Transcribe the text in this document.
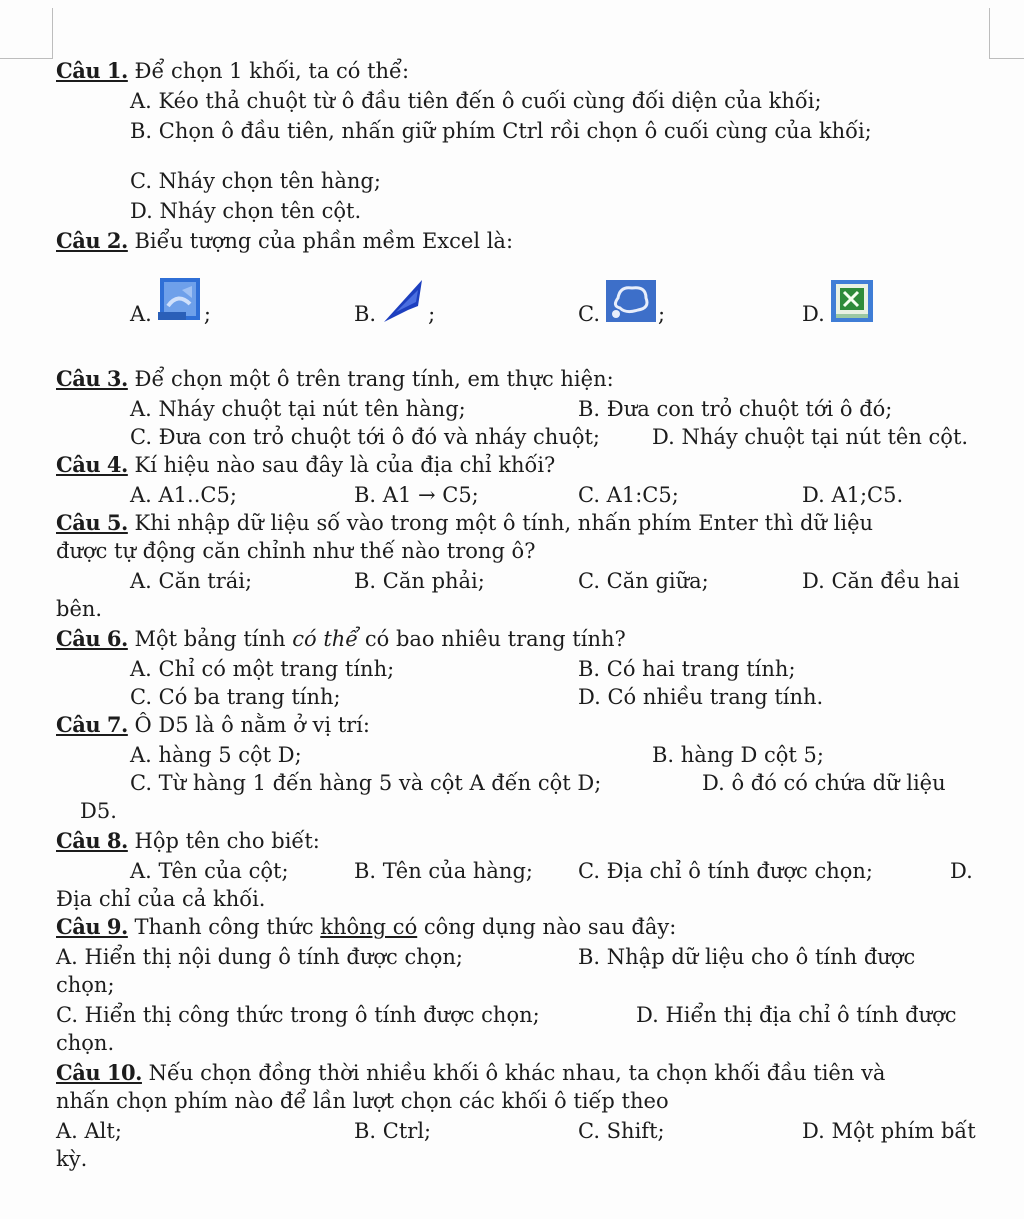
Câu 1. Để chọn 1 khối, ta có thể:
A. Kéo thả chuột từ ô đầu tiên đến ô cuối cùng đối diện của khối;
B. Chọn ô đầu tiên, nhấn giữ phím Ctrl rồi chọn ô cuối cùng của khối;
C. Nháy chọn tên hàng;
D. Nháy chọn tên cột.
Câu 2. Biểu tượng của phần mềm Excel là:
A. ;	B. ;	C.	;	D.
Câu 3. Để chọn một ô trên trang tính, em thực hiện:
A. Nháy chuột tại nút tên hàng;	B. Đưa con trỏ chuột tới ô đó;
C. Đưa con trỏ chuột tới ô đó và nháy chuột; D. Nháy chuột tại nút tên cột.
Câu 4. Kí hiệu nào sau đây là của địa chỉ khối?
A. A1..C5;	B. A1 → C5;	C. A1:C5;	D. A1;C5.
Câu 5. Khi nhập dữ liệu số vào trong một ô tính, nhấn phím Enter thì dữ liệu
được tự động căn chỉnh như thế nào trong ô?
A. Căn trái;	B. Căn phải;	C. Căn giữa;	D. Căn đều hai
bên.
Câu 6. Một bảng tính có thể có bao nhiêu trang tính?
A. Chỉ có một trang tính;	B. Có hai trang tính;
C. Có ba trang tính;	D. Có nhiều trang tính.
Câu 7. Ô D5 là ô nằm ở vị trí:
A. hàng 5 cột D;	B. hàng D cột 5;
C. Từ hàng 1 đến hàng 5 và cột A đến cột D;	D. ô đó có chứa dữ liệu
D5.
Câu 8. Hộp tên cho biết:
A. Tên của cột;	B. Tên của hàng; C. Địa chỉ ô tính được chọn;	D.
Địa chỉ của cả khối.
Câu 9. Thanh công thức không có công dụng nào sau đây:
A. Hiển thị nội dung ô tính được chọn;	B. Nhập dữ liệu cho ô tính được
chọn;
C. Hiển thị công thức trong ô tính được chọn;	D. Hiển thị địa chỉ ô tính được
chọn.
Câu 10. Nếu chọn đồng thời nhiều khối ô khác nhau, ta chọn khối đầu tiên và
nhấn chọn phím nào để lần lượt chọn các khối ô tiếp theo
A. Alt;	B. Ctrl;	C. Shift;	D. Một phím bất
kỳ.
